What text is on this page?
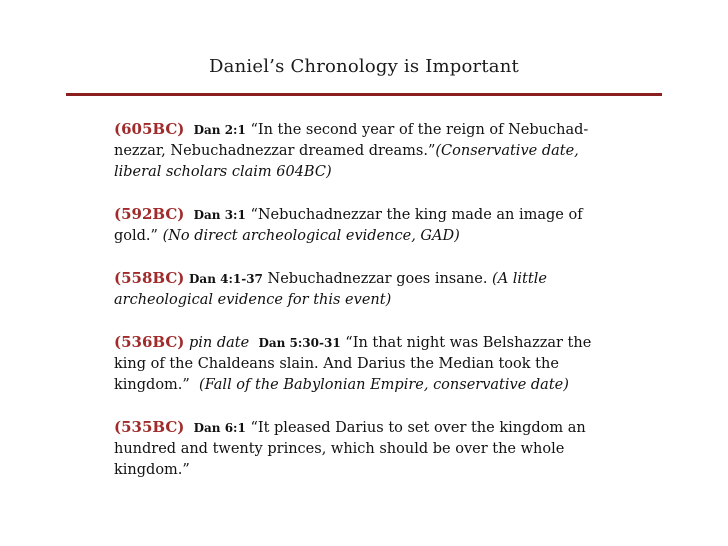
Daniel’s Chronology is Important

(605BC) Dan 2:1 “In the second year of the reign of Nebuchad-nezzar, Nebuchadnezzar dreamed dreams.”(Conservative date, liberal scholars claim 604BC)

(592BC) Dan 3:1 “Nebuchadnezzar the king made an image of gold.” (No direct archeological evidence, GAD)

(558BC) Dan 4:1-37 Nebuchadnezzar goes insane. (A little archeological evidence for this event)

(536BC) pin date Dan 5:30-31 “In that night was Belshazzar the king of the Chaldeans slain. And Darius the Median took the kingdom.” (Fall of the Babylonian Empire, conservative date)

(535BC) Dan 6:1 “It pleased Darius to set over the kingdom an hundred and twenty princes, which should be over the whole kingdom.”
